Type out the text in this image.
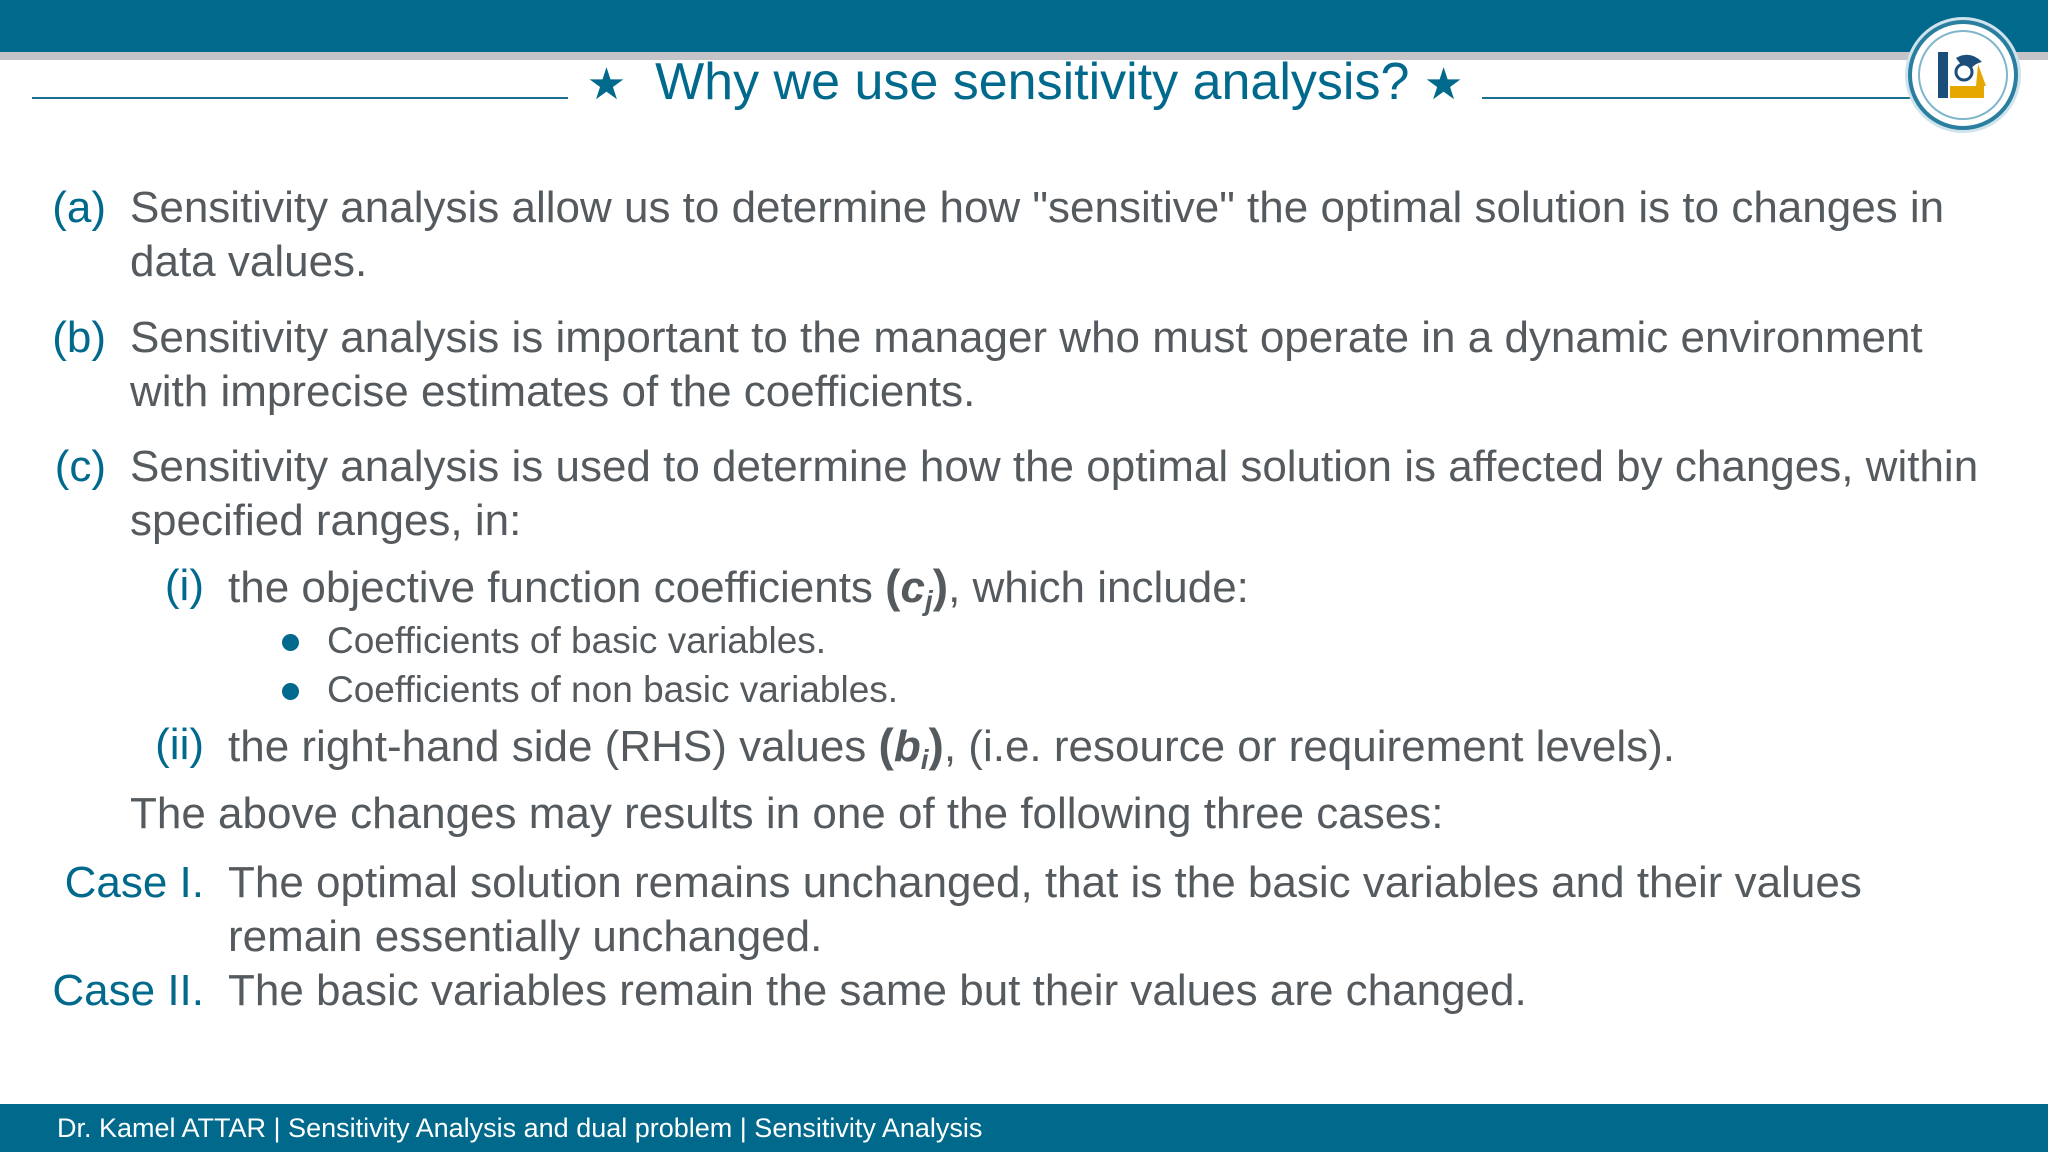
★ Why we use sensitivity analysis? ★
(a) Sensitivity analysis allow us to determine how "sensitive" the optimal solution is to changes in
data values.
(b) Sensitivity analysis is important to the manager who must operate in a dynamic environment
with imprecise estimates of the coefficients.
(c) Sensitivity analysis is used to determine how the optimal solution is affected by changes, within
specified ranges, in:
(i) the objective function coefficients $(c_j)$, which include:
Coefficients of basic variables.
Coefficients of non basic variables.
(ii) the right-hand side (RHS) values $(b_i)$, (i.e. resource or requirement levels).
The above changes may results in one of the following three cases:
Case I. The optimal solution remains unchanged, that is the basic variables and their values
remain essentially unchanged.
Case II. The basic variables remain the same but their values are changed.
Dr. Kamel ATTAR | Sensitivity Analysis and dual problem | Sensitivity Analysis
